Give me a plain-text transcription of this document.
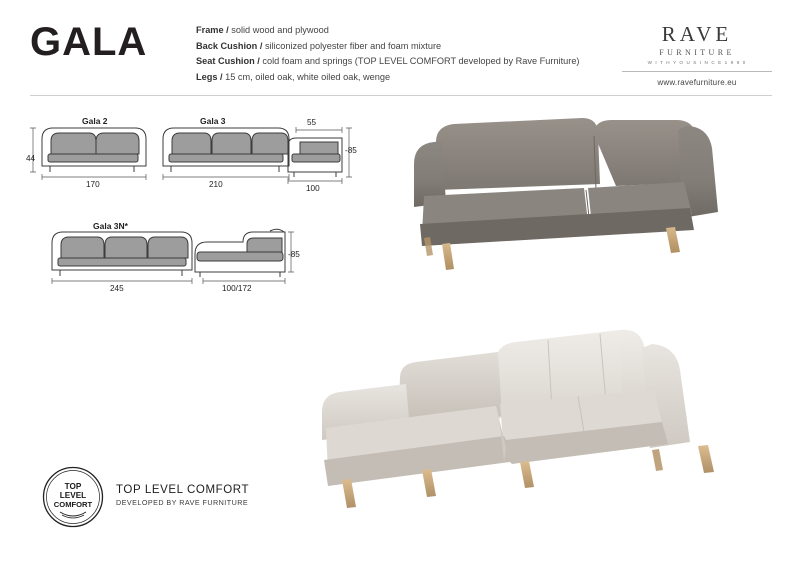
GALA	Frame / solid wood and plywood
Back Cushion / siliconized polyester fiber and foam mixture
Seat Cushion / cold foam and springs (TOP LEVEL COMFORT developed by Rave Furniture)
Legs / 15 cm, oiled oak, white oiled oak, wenge
RAVE
FURNITURE
W I T H Y O U S I N C E 1 9 9 0
www.ravefurniture.eu
Gala 2	Gala 3
Gala 3N*
44
170	210
55
100
-85
245	100/172
-85
TOP
LEVEL
COMFORT
TOP LEVEL COMFORT
DEVELOPED BY RAVE FURNITURE
